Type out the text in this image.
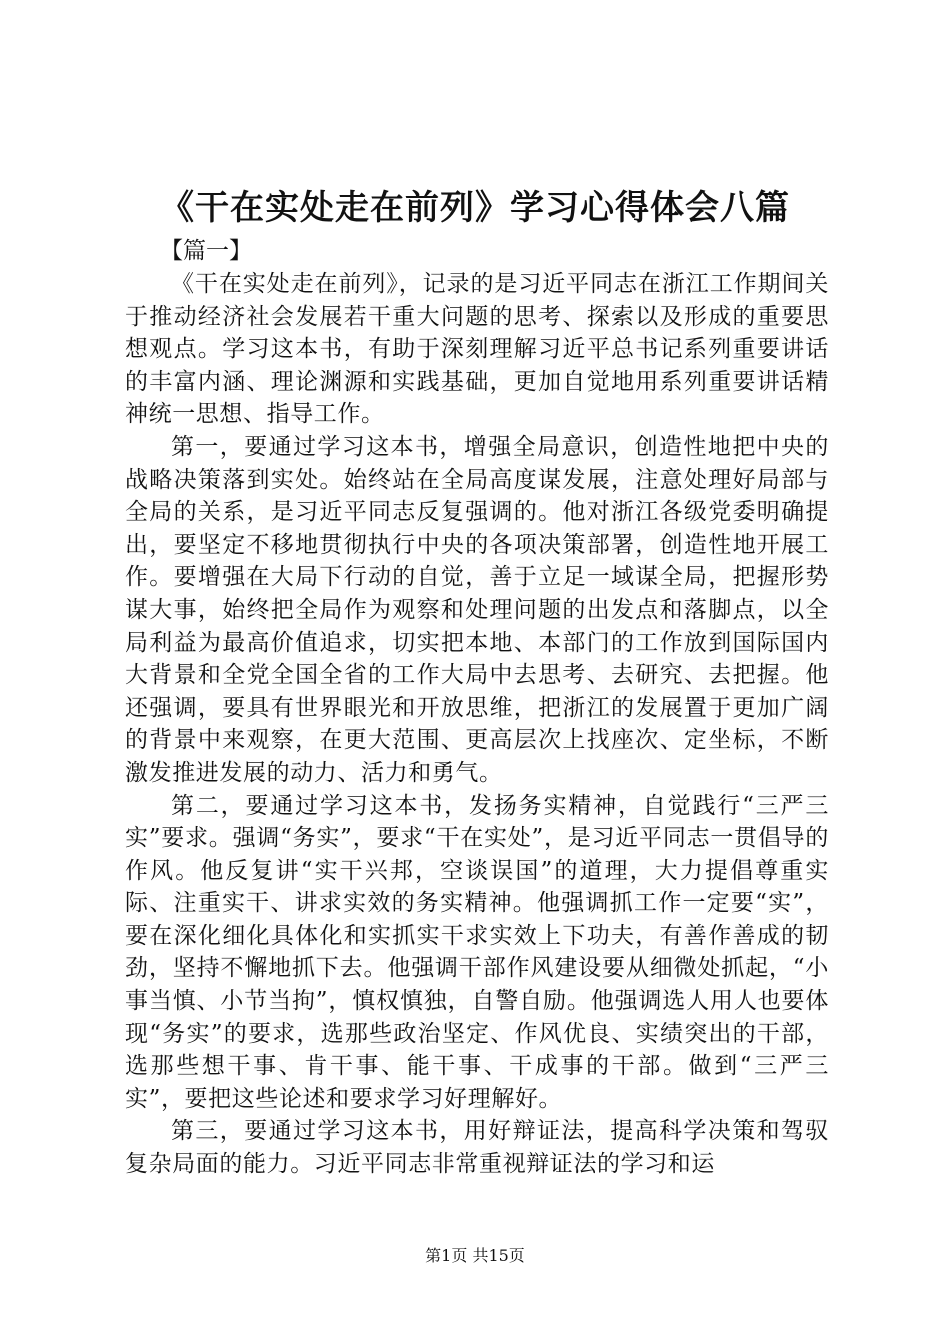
《干在实处走在前列》学习心得体会八篇

【篇一】

《干在实处走在前列》，记录的是习近平同志在浙江工作期间关于推动经济社会发展若干重大问题的思考、探索以及形成的重要思想观点。学习这本书，有助于深刻理解习近平总书记系列重要讲话的丰富内涵、理论渊源和实践基础，更加自觉地用系列重要讲话精神统一思想、指导工作。

第一，要通过学习这本书，增强全局意识，创造性地把中央的战略决策落到实处。始终站在全局高度谋发展，注意处理好局部与全局的关系，是习近平同志反复强调的。他对浙江各级党委明确提出，要坚定不移地贯彻执行中央的各项决策部署，创造性地开展工作。要增强在大局下行动的自觉，善于立足一域谋全局，把握形势谋大事，始终把全局作为观察和处理问题的出发点和落脚点，以全局利益为最高价值追求，切实把本地、本部门的工作放到国际国内大背景和全党全国全省的工作大局中去思考、去研究、去把握。他还强调，要具有世界眼光和开放思维，把浙江的发展置于更加广阔的背景中来观察，在更大范围、更高层次上找座次、定坐标，不断激发推进发展的动力、活力和勇气。

第二，要通过学习这本书，发扬务实精神，自觉践行“三严三实”要求。强调“务实”，要求“干在实处”，是习近平同志一贯倡导的作风。他反复讲“实干兴邦，空谈误国”的道理，大力提倡尊重实际、注重实干、讲求实效的务实精神。他强调抓工作一定要“实”，要在深化细化具体化和实抓实干求实效上下功夫，有善作善成的韧劲，坚持不懈地抓下去。他强调干部作风建设要从细微处抓起，“小事当慎、小节当拘”，慎权慎独，自警自励。他强调选人用人也要体现“务实”的要求，选那些政治坚定、作风优良、实绩突出的干部，选那些想干事、肯干事、能干事、干成事的干部。做到“三严三实”，要把这些论述和要求学习好理解好。

第三，要通过学习这本书，用好辩证法，提高科学决策和驾驭复杂局面的能力。习近平同志非常重视辩证法的学习和运

第1页 共15页
